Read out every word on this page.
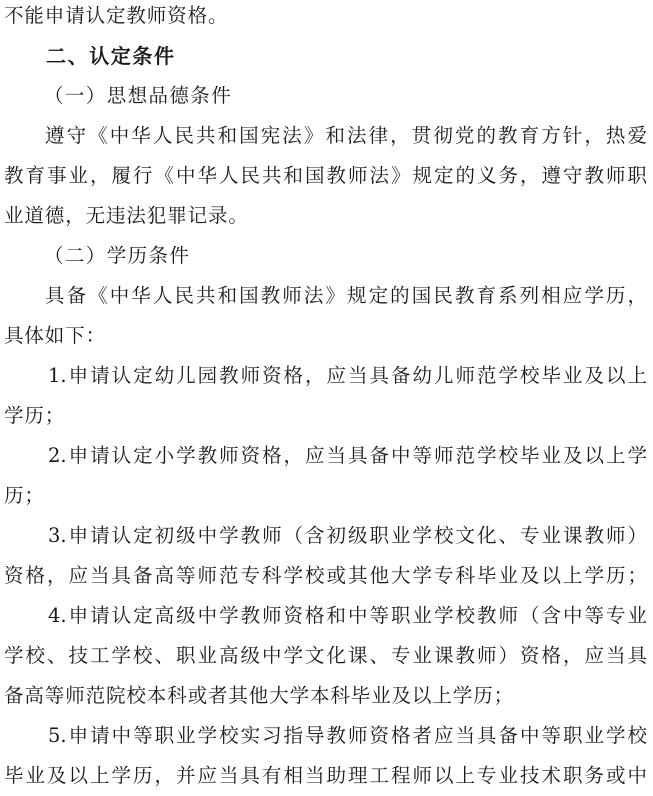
不能申请认定教师资格。
二、认定条件
（一）思想品德条件
遵守《中华人民共和国宪法》和法律，贯彻党的教育方针，热爱
教育事业，履行《中华人民共和国教师法》规定的义务，遵守教师职
业道德，无违法犯罪记录。
（二）学历条件
具备《中华人民共和国教师法》规定的国民教育系列相应学历，
具体如下：
1.申请认定幼儿园教师资格，应当具备幼儿师范学校毕业及以上
学历；
2.申请认定小学教师资格，应当具备中等师范学校毕业及以上学
历；
3.申请认定初级中学教师（含初级职业学校文化、专业课教师）
资格，应当具备高等师范专科学校或其他大学专科毕业及以上学历；
4.申请认定高级中学教师资格和中等职业学校教师（含中等专业
学校、技工学校、职业高级中学文化课、专业课教师）资格，应当具
备高等师范院校本科或者其他大学本科毕业及以上学历；
5.申请中等职业学校实习指导教师资格者应当具备中等职业学校
毕业及以上学历，并应当具有相当助理工程师以上专业技术职务或中
